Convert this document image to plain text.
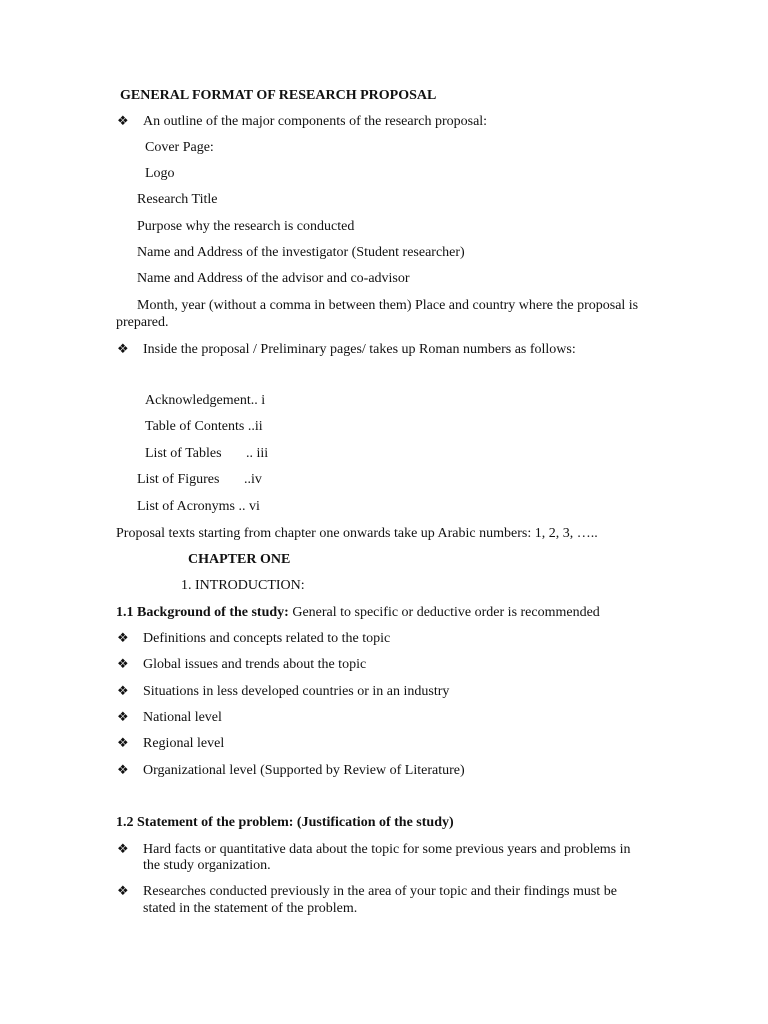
GENERAL FORMAT OF RESEARCH PROPOSAL
❖ An outline of the major components of the research proposal:
Cover Page:
Logo
Research Title
Purpose why the research is conducted
Name and Address of the investigator (Student researcher)
Name and Address of the advisor and co-advisor
Month, year (without a comma in between them) Place and country where the proposal is
prepared.
❖ Inside the proposal / Preliminary pages/ takes up Roman numbers as follows:
Acknowledgement.. i
Table of Contents ..ii
List of Tables       .. iii
List of Figures       ..iv
List of Acronyms .. vi
Proposal texts starting from chapter one onwards take up Arabic numbers: 1, 2, 3, …..
CHAPTER ONE
1. INTRODUCTION:
1.1 Background of the study: General to specific or deductive order is recommended
❖ Definitions and concepts related to the topic
❖ Global issues and trends about the topic
❖ Situations in less developed countries or in an industry
❖ National level
❖ Regional level
❖ Organizational level (Supported by Review of Literature)
1.2 Statement of the problem: (Justification of the study)
❖ Hard facts or quantitative data about the topic for some previous years and problems in
the study organization.
❖ Researches conducted previously in the area of your topic and their findings must be
stated in the statement of the problem.
